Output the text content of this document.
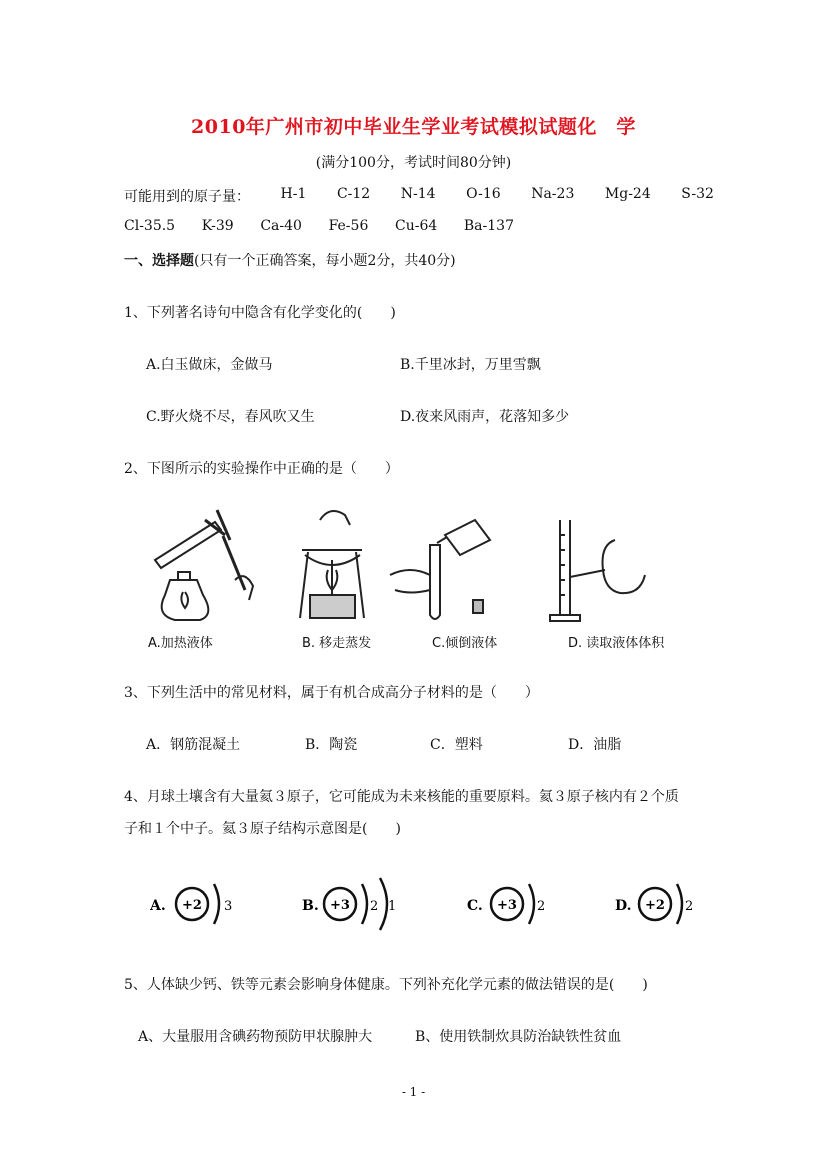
2010年广州市初中毕业生学业考试模拟试题化　学
(满分100分，考试时间80分钟)
可能用到的原子量： H-1 C-12 N-14 O-16 Na-23 Mg-24 S-32
Cl-35.5 K-39 Ca-40 Fe-56 Cu-64 Ba-137
一、选择题(只有一个正确答案，每小题2分，共40分)
1、下列著名诗句中隐含有化学变化的(　　)
A.白玉做床，金做马	B.千里冰封，万里雪飘
C.野火烧不尽，春风吹又生	D.夜来风雨声，花落知多少
2、下图所示的实验操作中正确的是（　　）
A.加热液体	B. 移走蒸发	C.倾倒液体	D. 读取液体体积
3、下列生活中的常见材料，属于有机合成高分子材料的是（　　）
A．钢筋混凝土	B．陶瓷	C．塑料	D．油脂
4、月球土壤含有大量氦３原子，它可能成为未来核能的重要原料。氦３原子核内有２个质
子和１个中子。氦３原子结构示意图是(　　)
A. +2 3	B. +3 2 1	C. +3 2	D. +2 2
5、人体缺少钙、铁等元素会影响身体健康。下列补充化学元素的做法错误的是(　　)
A、大量服用含碘药物预防甲状腺肿大	B、使用铁制炊具防治缺铁性贫血
- 1 -
